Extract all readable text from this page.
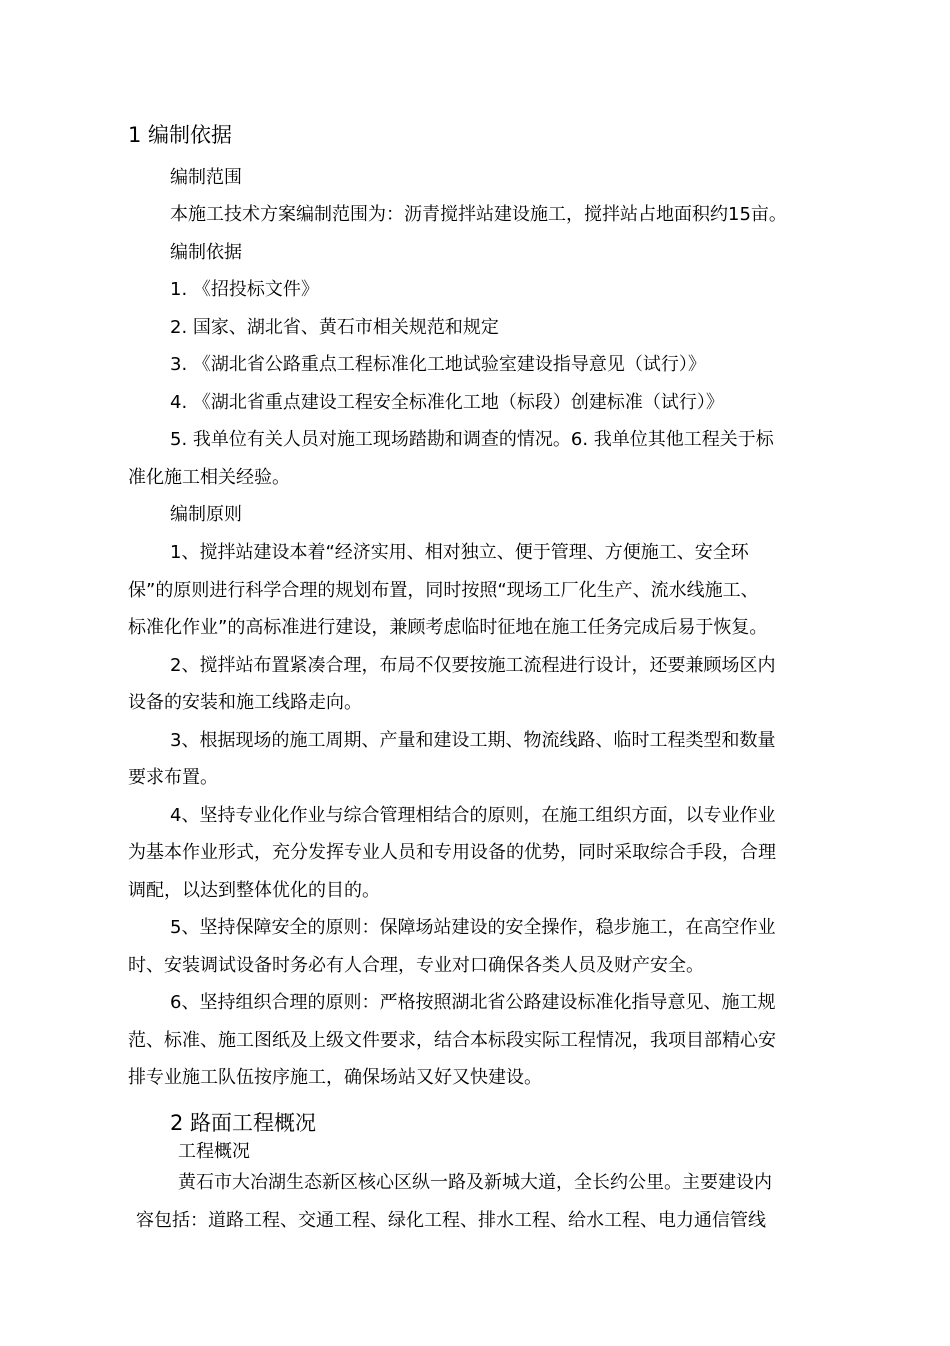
1 编制依据
编制范围
本施工技术方案编制范围为：沥青搅拌站建设施工，搅拌站占地面积约15亩。
编制依据
1. 《招投标文件》
2. 国家、湖北省、黄石市相关规范和规定
3. 《湖北省公路重点工程标准化工地试验室建设指导意见（试行）》
4. 《湖北省重点建设工程安全标准化工地（标段）创建标准（试行）》
5. 我单位有关人员对施工现场踏勘和调查的情况。6. 我单位其他工程关于标
准化施工相关经验。
编制原则
1、搅拌站建设本着“经济实用、相对独立、便于管理、方便施工、安全环
保”的原则进行科学合理的规划布置，同时按照“现场工厂化生产、流水线施工、
标准化作业”的高标准进行建设，兼顾考虑临时征地在施工任务完成后易于恢复。
2、搅拌站布置紧凑合理，布局不仅要按施工流程进行设计，还要兼顾场区内
设备的安装和施工线路走向。
3、根据现场的施工周期、产量和建设工期、物流线路、临时工程类型和数量
要求布置。
4、坚持专业化作业与综合管理相结合的原则，在施工组织方面，以专业作业
为基本作业形式，充分发挥专业人员和专用设备的优势，同时采取综合手段，合理
调配，以达到整体优化的目的。
5、坚持保障安全的原则：保障场站建设的安全操作，稳步施工，在高空作业
时、安装调试设备时务必有人合理，专业对口确保各类人员及财产安全。
6、坚持组织合理的原则：严格按照湖北省公路建设标准化指导意见、施工规
范、标准、施工图纸及上级文件要求，结合本标段实际工程情况，我项目部精心安
排专业施工队伍按序施工，确保场站又好又快建设。
2 路面工程概况
工程概况
黄石市大冶湖生态新区核心区纵一路及新城大道，全长约公里。主要建设内
容包括：道路工程、交通工程、绿化工程、排水工程、给水工程、电力通信管线
